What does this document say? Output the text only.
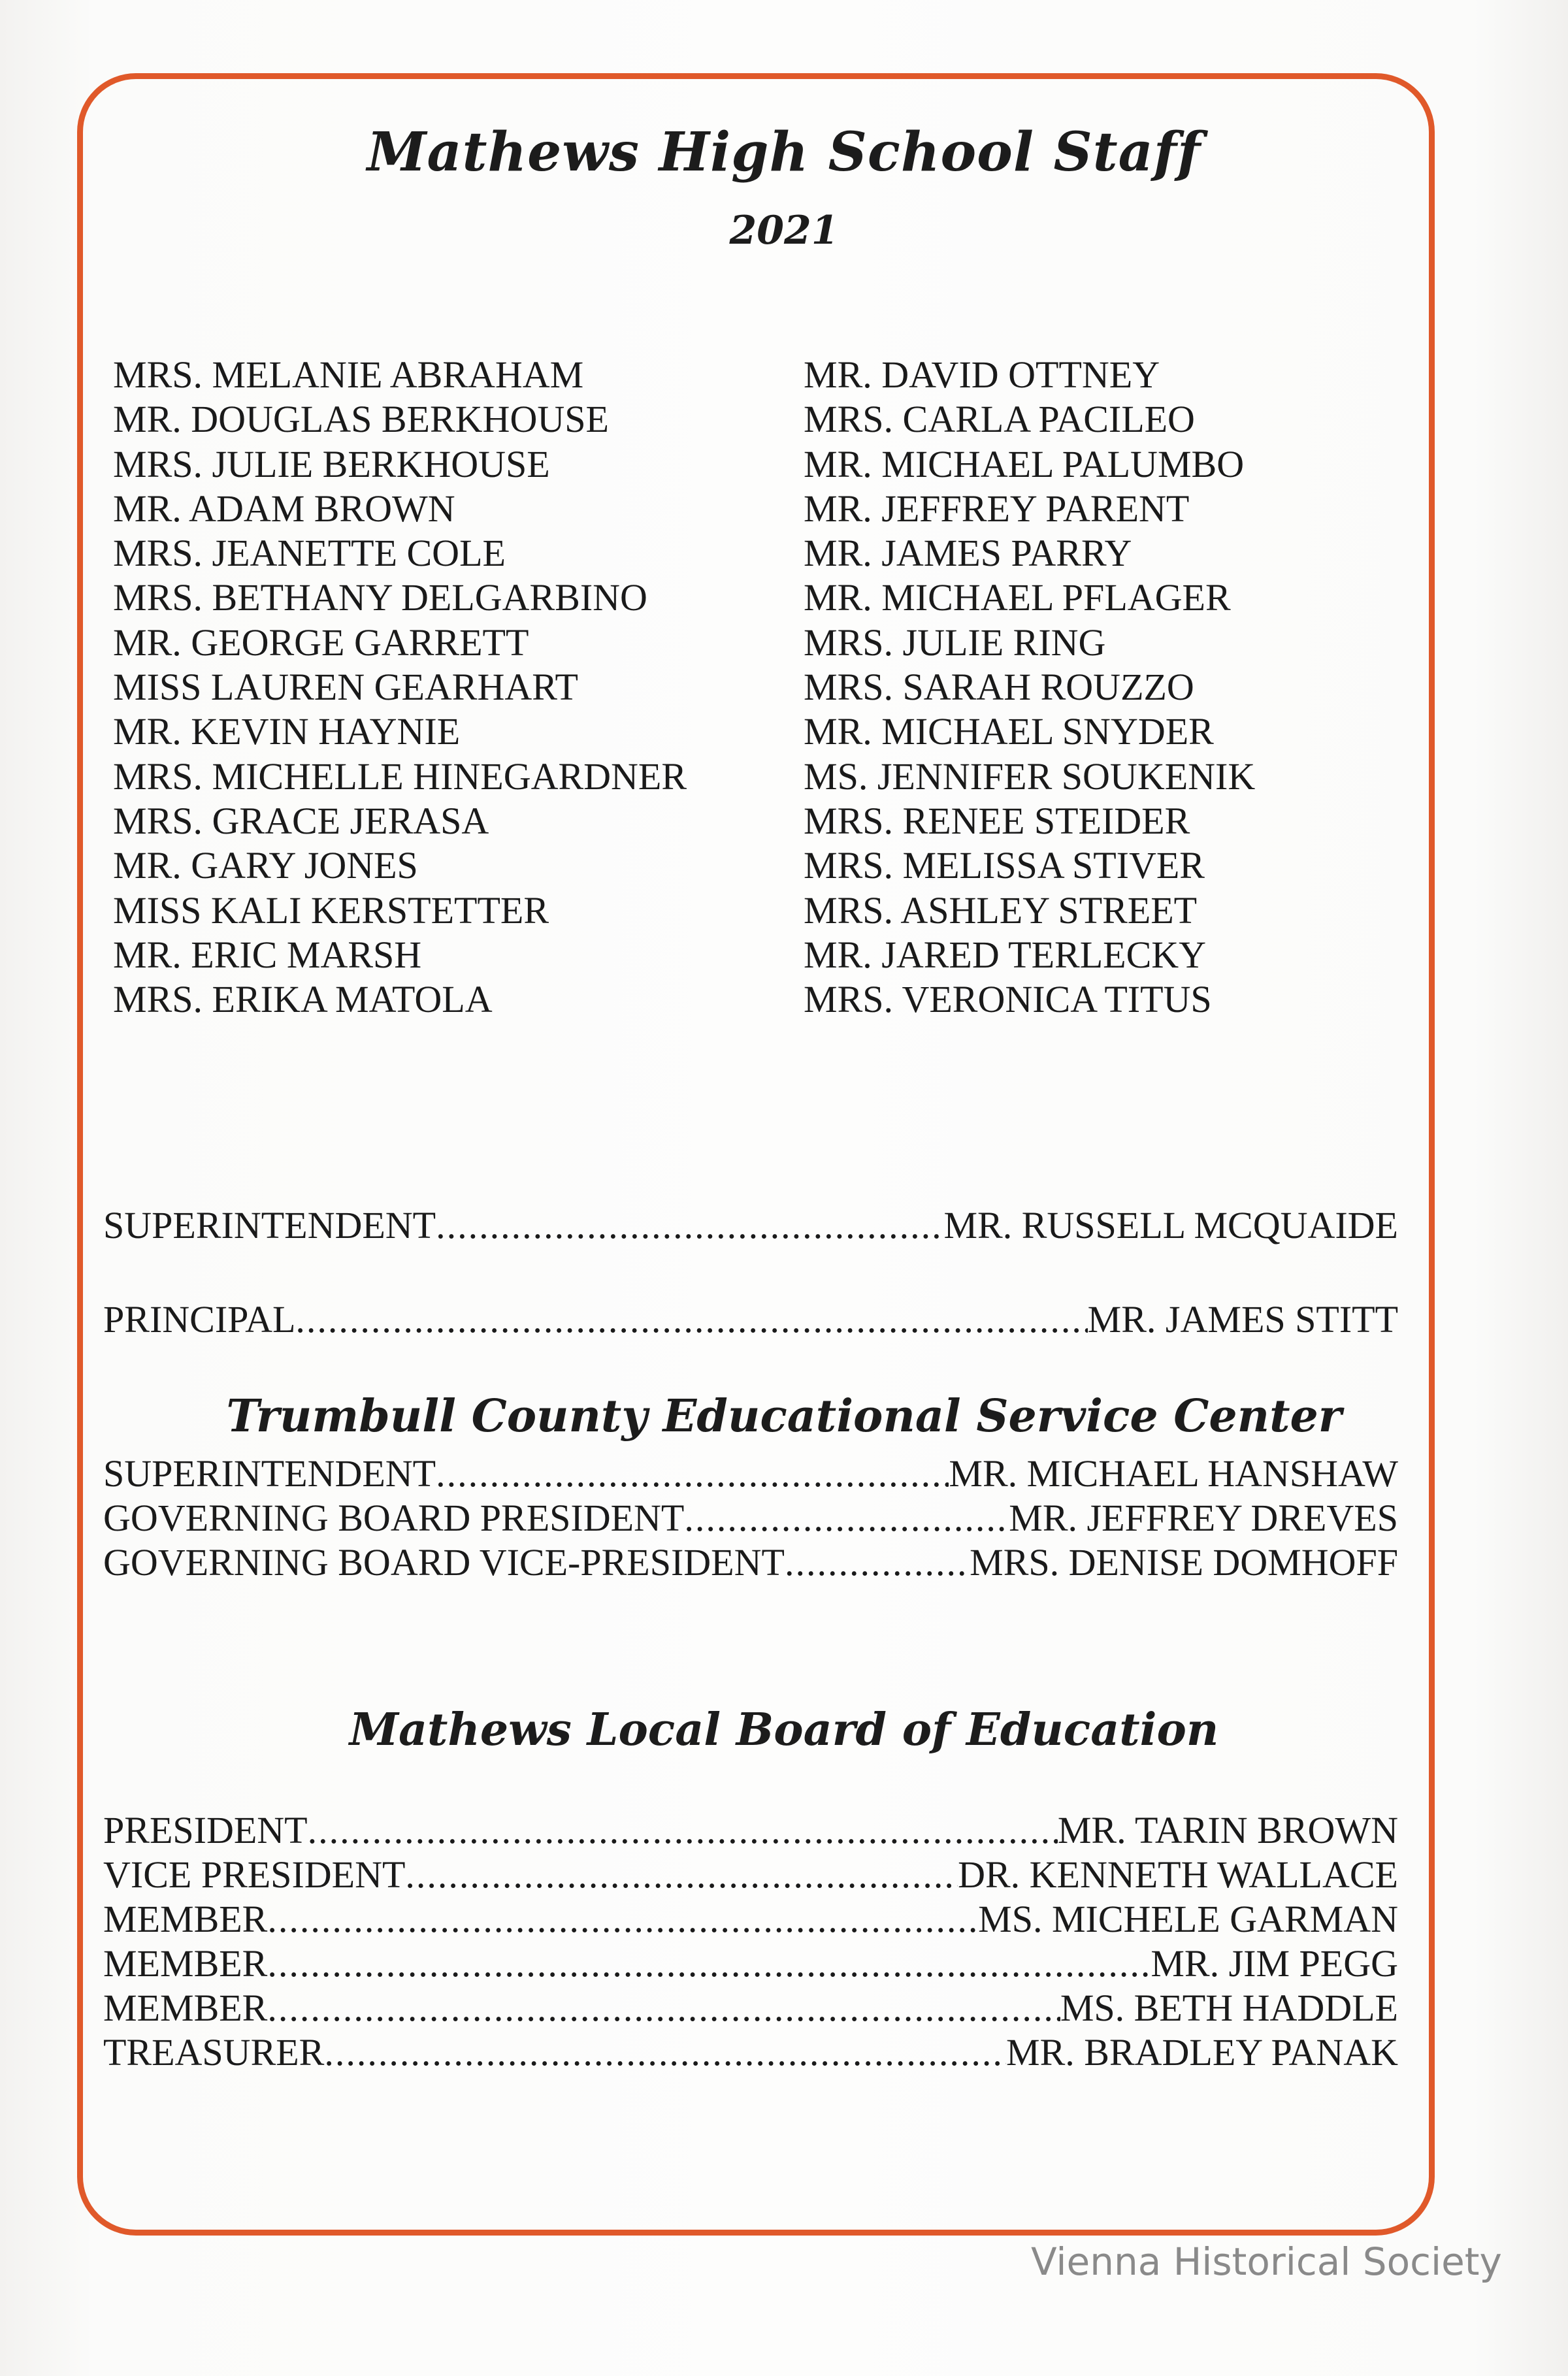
Mathews High School Staff
2021
MRS. MELANIE ABRAHAM
MR. DOUGLAS BERKHOUSE
MRS. JULIE BERKHOUSE
MR. ADAM BROWN
MRS. JEANETTE COLE
MRS. BETHANY DELGARBINO
MR. GEORGE GARRETT
MISS LAUREN GEARHART
MR. KEVIN HAYNIE
MRS. MICHELLE HINEGARDNER
MRS. GRACE JERASA
MR. GARY JONES
MISS KALI KERSTETTER
MR. ERIC MARSH
MRS. ERIKA MATOLA
MR. DAVID OTTNEY
MRS. CARLA PACILEO
MR. MICHAEL PALUMBO
MR. JEFFREY PARENT
MR. JAMES PARRY
MR. MICHAEL PFLAGER
MRS. JULIE RING
MRS. SARAH ROUZZO
MR. MICHAEL SNYDER
MS. JENNIFER SOUKENIK
MRS. RENEE STEIDER
MRS. MELISSA STIVER
MRS. ASHLEY STREET
MR. JARED TERLECKY
MRS. VERONICA TITUS
SUPERINTENDENT .....	MR. RUSSELL MCQUAIDE
PRINCIPAL .....	MR. JAMES STITT
Trumbull County Educational Service Center
SUPERINTENDENT .....	MR. MICHAEL HANSHAW
GOVERNING BOARD PRESIDENT .....	MR. JEFFREY DREVES
GOVERNING BOARD VICE-PRESIDENT .....	MRS. DENISE DOMHOFF
Mathews Local Board of Education
PRESIDENT .....	MR. TARIN BROWN
VICE PRESIDENT .....	DR. KENNETH WALLACE
MEMBER .....	MS. MICHELE GARMAN
MEMBER .....	MR. JIM PEGG
MEMBER .....	MS. BETH HADDLE
TREASURER .....	MR. BRADLEY PANAK
Vienna Historical Society
